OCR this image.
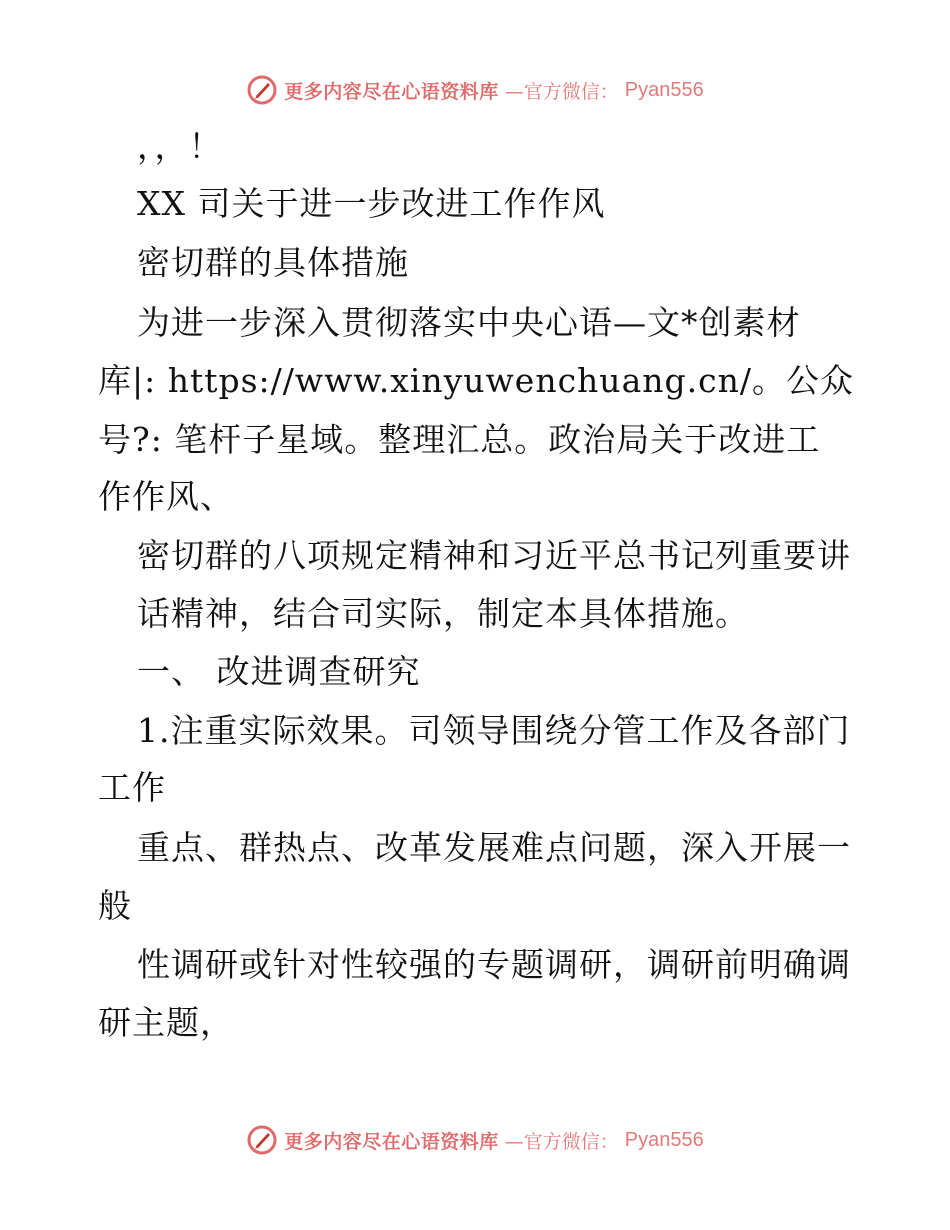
更多内容尽在心语资料库 —官方微信： Pyan556
，，！
XX 司关于进一步改进工作作风
密切群的具体措施
为进一步深入贯彻落实中央心语—文*创素材
库|: https://www.xinyuwenchuang.cn/。公众
号?: 笔杆子星域。整理汇总。政治局关于改进工
作作风、
密切群的八项规定精神和习近平总书记列重要讲
话精神，结合司实际，制定本具体措施。
一、 改进调查研究
1.注重实际效果。司领导围绕分管工作及各部门
工作
重点、群热点、改革发展难点问题，深入开展一
般
性调研或针对性较强的专题调研，调研前明确调
研主题，
更多内容尽在心语资料库 —官方微信： Pyan556
